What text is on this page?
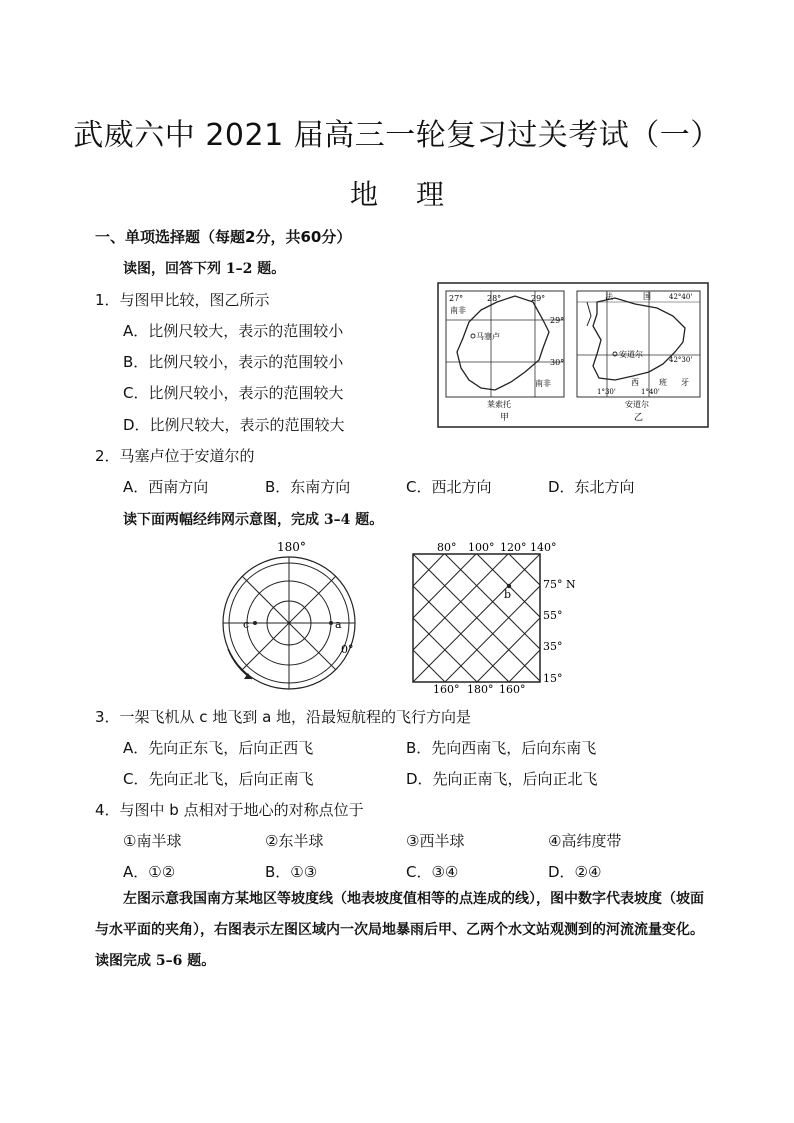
武威六中 2021 届高三一轮复习过关考试（一）
地理
一、单项选择题（每题2分，共60分）
读图，回答下列 1–2 题。
1．与图甲比较，图乙所示
A．比例尺较大，表示的范围较小
B．比例尺较小，表示的范围较小
C．比例尺较小，表示的范围较大
D．比例尺较大，表示的范围较大
27°	28°	29°
29°
30°
南非
南非
马塞卢
莱索托
甲
法	国	42°40'
42°30'
安道尔
西	班 牙
1°30'	1°40'
安道尔
乙
2．马塞卢位于安道尔的
A．西南方向	B．东南方向	C．西北方向	D．东北方向
读下面两幅经纬网示意图，完成 3–4 题。
180°
c	a
0°
80° 100° 120° 140°
b
75° N
55°
35°
15°
160° 180° 160°
3．一架飞机从 c 地飞到 a 地，沿最短航程的飞行方向是
A．先向正东飞，后向正西飞	B．先向西南飞，后向东南飞
C．先向正北飞，后向正南飞	D．先向正南飞，后向正北飞
4．与图中 b 点相对于地心的对称点位于
①南半球	②东半球	③西半球	④高纬度带
A．①②	B．①③	C．③④	D．②④
左图示意我国南方某地区等坡度线（地表坡度值相等的点连成的线），图中数字代表坡度（坡面与水平面的夹角），右图表示左图区域内一次局地暴雨后甲、乙两个水文站观测到的河流流量变化。读图完成 5–6 题。
